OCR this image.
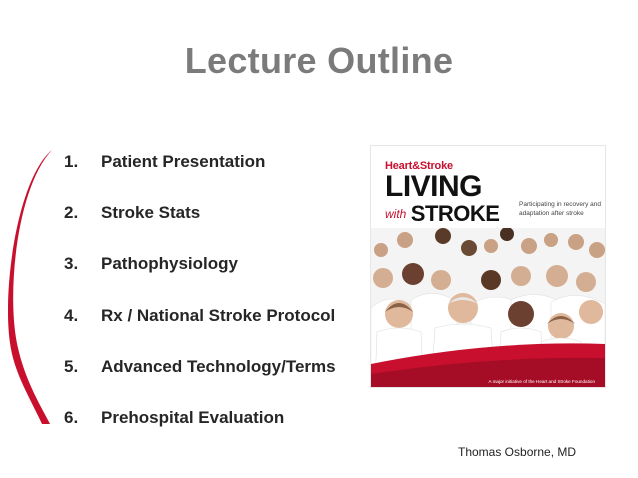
Lecture Outline
1.	Patient Presentation
2.	Stroke Stats
3.	Pathophysiology
4.	Rx / National Stroke Protocol
5.	Advanced Technology/Terms
6.	Prehospital Evaluation
Heart&Stroke
LIVING
with STROKE	Participating in recovery and adaptation after stroke
A major initiative of the Heart and Stroke Foundation
Thomas Osborne, MD
